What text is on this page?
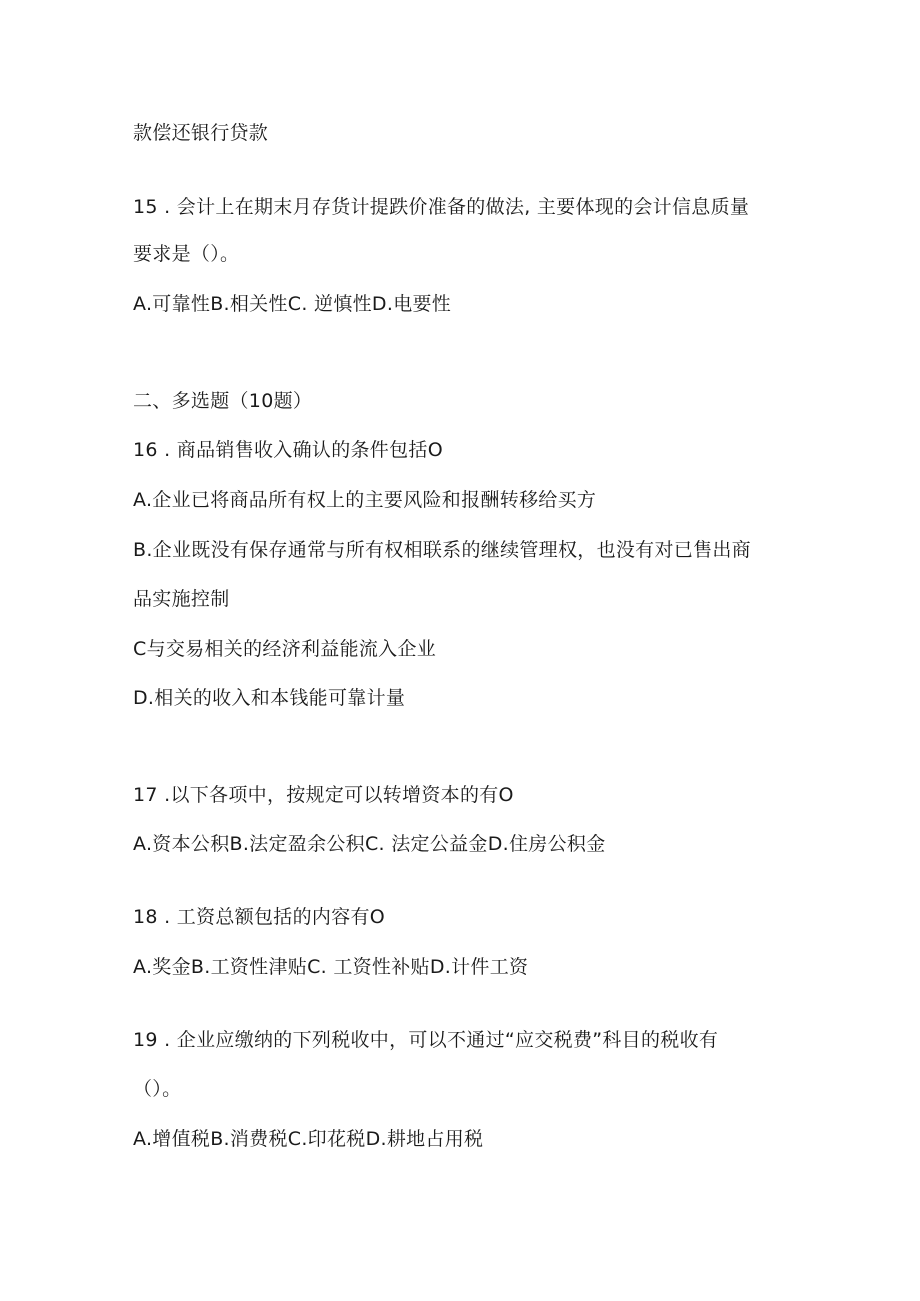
款偿还银行贷款
15 . 会计上在期末月存货计提跌价准备的做法, 主要体现的会计信息质量
要求是（）。
A.可靠性B.相关性C. 逆慎性D.电要性
二、多选题（10题）
16 . 商品销售收入确认的条件包括O
A.企业已将商品所有权上的主要风险和报酬转移给买方
B.企业既没有保存通常与所有权相联系的继续管理权，也没有对已售出商
品实施控制
C与交易相关的经济利益能流入企业
D.相关的收入和本钱能可靠计量
17 .以下各项中，按规定可以转增资本的有O
A.资本公积B.法定盈余公积C. 法定公益金D.住房公积金
18 . 工资总额包括的内容有O
A.奖金B.工资性津贴C. 工资性补贴D.计件工资
19 . 企业应缴纳的下列税收中，可以不通过“应交税费”科目的税收有
（）。
A.增值税B.消费税C.印花税D.耕地占用税
